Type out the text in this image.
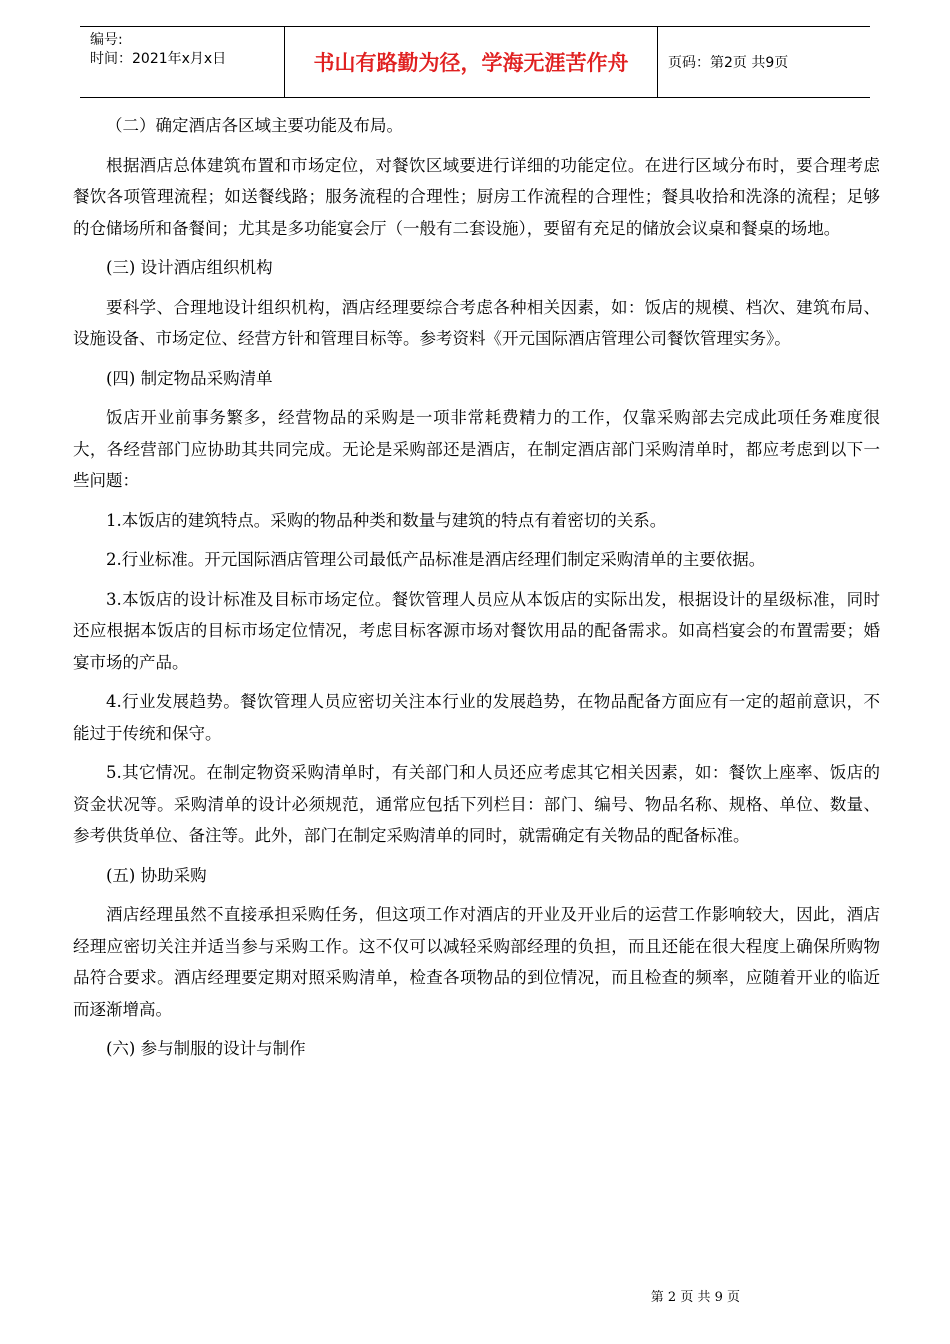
编号:
时间：2021年x月x日	书山有路勤为径，学海无涯苦作舟	页码：第2页 共9页

（二）确定酒店各区域主要功能及布局。

根据酒店总体建筑布置和市场定位，对餐饮区域要进行详细的功能定位。在进行区域分布时，要合理考虑餐饮各项管理流程；如送餐线路；服务流程的合理性；厨房工作流程的合理性；餐具收拾和洗涤的流程；足够的仓储场所和备餐间；尤其是多功能宴会厅（一般有二套设施），要留有充足的储放会议桌和餐桌的场地。

(三) 设计酒店组织机构

要科学、合理地设计组织机构，酒店经理要综合考虑各种相关因素，如：饭店的规模、档次、建筑布局、设施设备、市场定位、经营方针和管理目标等。参考资料《开元国际酒店管理公司餐饮管理实务》。

(四) 制定物品采购清单

饭店开业前事务繁多，经营物品的采购是一项非常耗费精力的工作，仅靠采购部去完成此项任务难度很大，各经营部门应协助其共同完成。无论是采购部还是酒店，在制定酒店部门采购清单时，都应考虑到以下一些问题：

1.本饭店的建筑特点。采购的物品种类和数量与建筑的特点有着密切的关系。

2.行业标准。开元国际酒店管理公司最低产品标准是酒店经理们制定采购清单的主要依据。

3.本饭店的设计标准及目标市场定位。餐饮管理人员应从本饭店的实际出发，根据设计的星级标准，同时还应根据本饭店的目标市场定位情况，考虑目标客源市场对餐饮用品的配备需求。如高档宴会的布置需要；婚宴市场的产品。

4.行业发展趋势。餐饮管理人员应密切关注本行业的发展趋势，在物品配备方面应有一定的超前意识，不能过于传统和保守。

5.其它情况。在制定物资采购清单时，有关部门和人员还应考虑其它相关因素，如：餐饮上座率、饭店的资金状况等。采购清单的设计必须规范，通常应包括下列栏目：部门、编号、物品名称、规格、单位、数量、参考供货单位、备注等。此外，部门在制定采购清单的同时，就需确定有关物品的配备标准。

(五) 协助采购

酒店经理虽然不直接承担采购任务，但这项工作对酒店的开业及开业后的运营工作影响较大，因此，酒店经理应密切关注并适当参与采购工作。这不仅可以减轻采购部经理的负担，而且还能在很大程度上确保所购物品符合要求。酒店经理要定期对照采购清单，检查各项物品的到位情况，而且检查的频率，应随着开业的临近而逐渐增高。

(六) 参与制服的设计与制作

第 2 页 共 9 页
